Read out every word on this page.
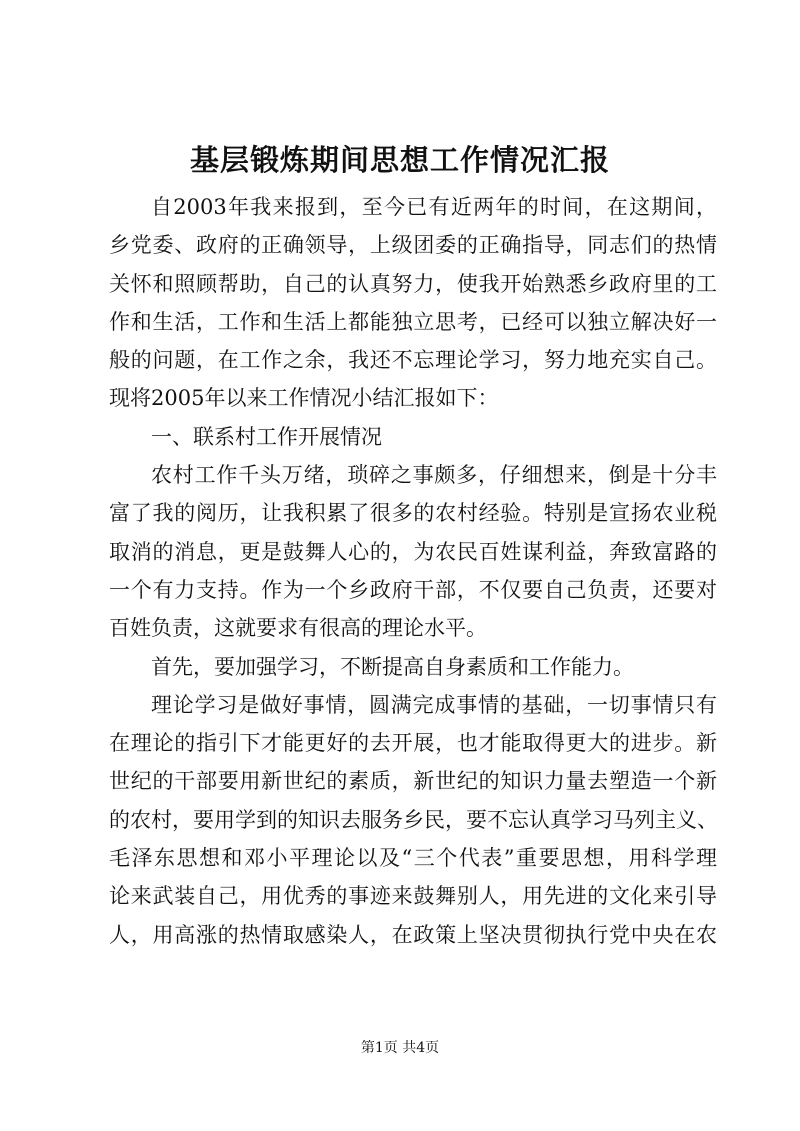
基层锻炼期间思想工作情况汇报
自2003年我来报到，至今已有近两年的时间，在这期间，
乡党委、政府的正确领导，上级团委的正确指导，同志们的热情
关怀和照顾帮助，自己的认真努力，使我开始熟悉乡政府里的工
作和生活，工作和生活上都能独立思考，已经可以独立解决好一
般的问题，在工作之余，我还不忘理论学习，努力地充实自己。
现将2005年以来工作情况小结汇报如下：
一、联系村工作开展情况
农村工作千头万绪，琐碎之事颇多，仔细想来，倒是十分丰
富了我的阅历，让我积累了很多的农村经验。特别是宣扬农业税
取消的消息，更是鼓舞人心的，为农民百姓谋利益，奔致富路的
一个有力支持。作为一个乡政府干部，不仅要自己负责，还要对
百姓负责，这就要求有很高的理论水平。
首先，要加强学习，不断提高自身素质和工作能力。
理论学习是做好事情，圆满完成事情的基础，一切事情只有
在理论的指引下才能更好的去开展，也才能取得更大的进步。新
世纪的干部要用新世纪的素质，新世纪的知识力量去塑造一个新
的农村，要用学到的知识去服务乡民，要不忘认真学习马列主义、
毛泽东思想和邓小平理论以及“三个代表”重要思想，用科学理
论来武装自己，用优秀的事迹来鼓舞别人，用先进的文化来引导
人，用高涨的热情取感染人，在政策上坚决贯彻执行党中央在农
第1页 共4页
